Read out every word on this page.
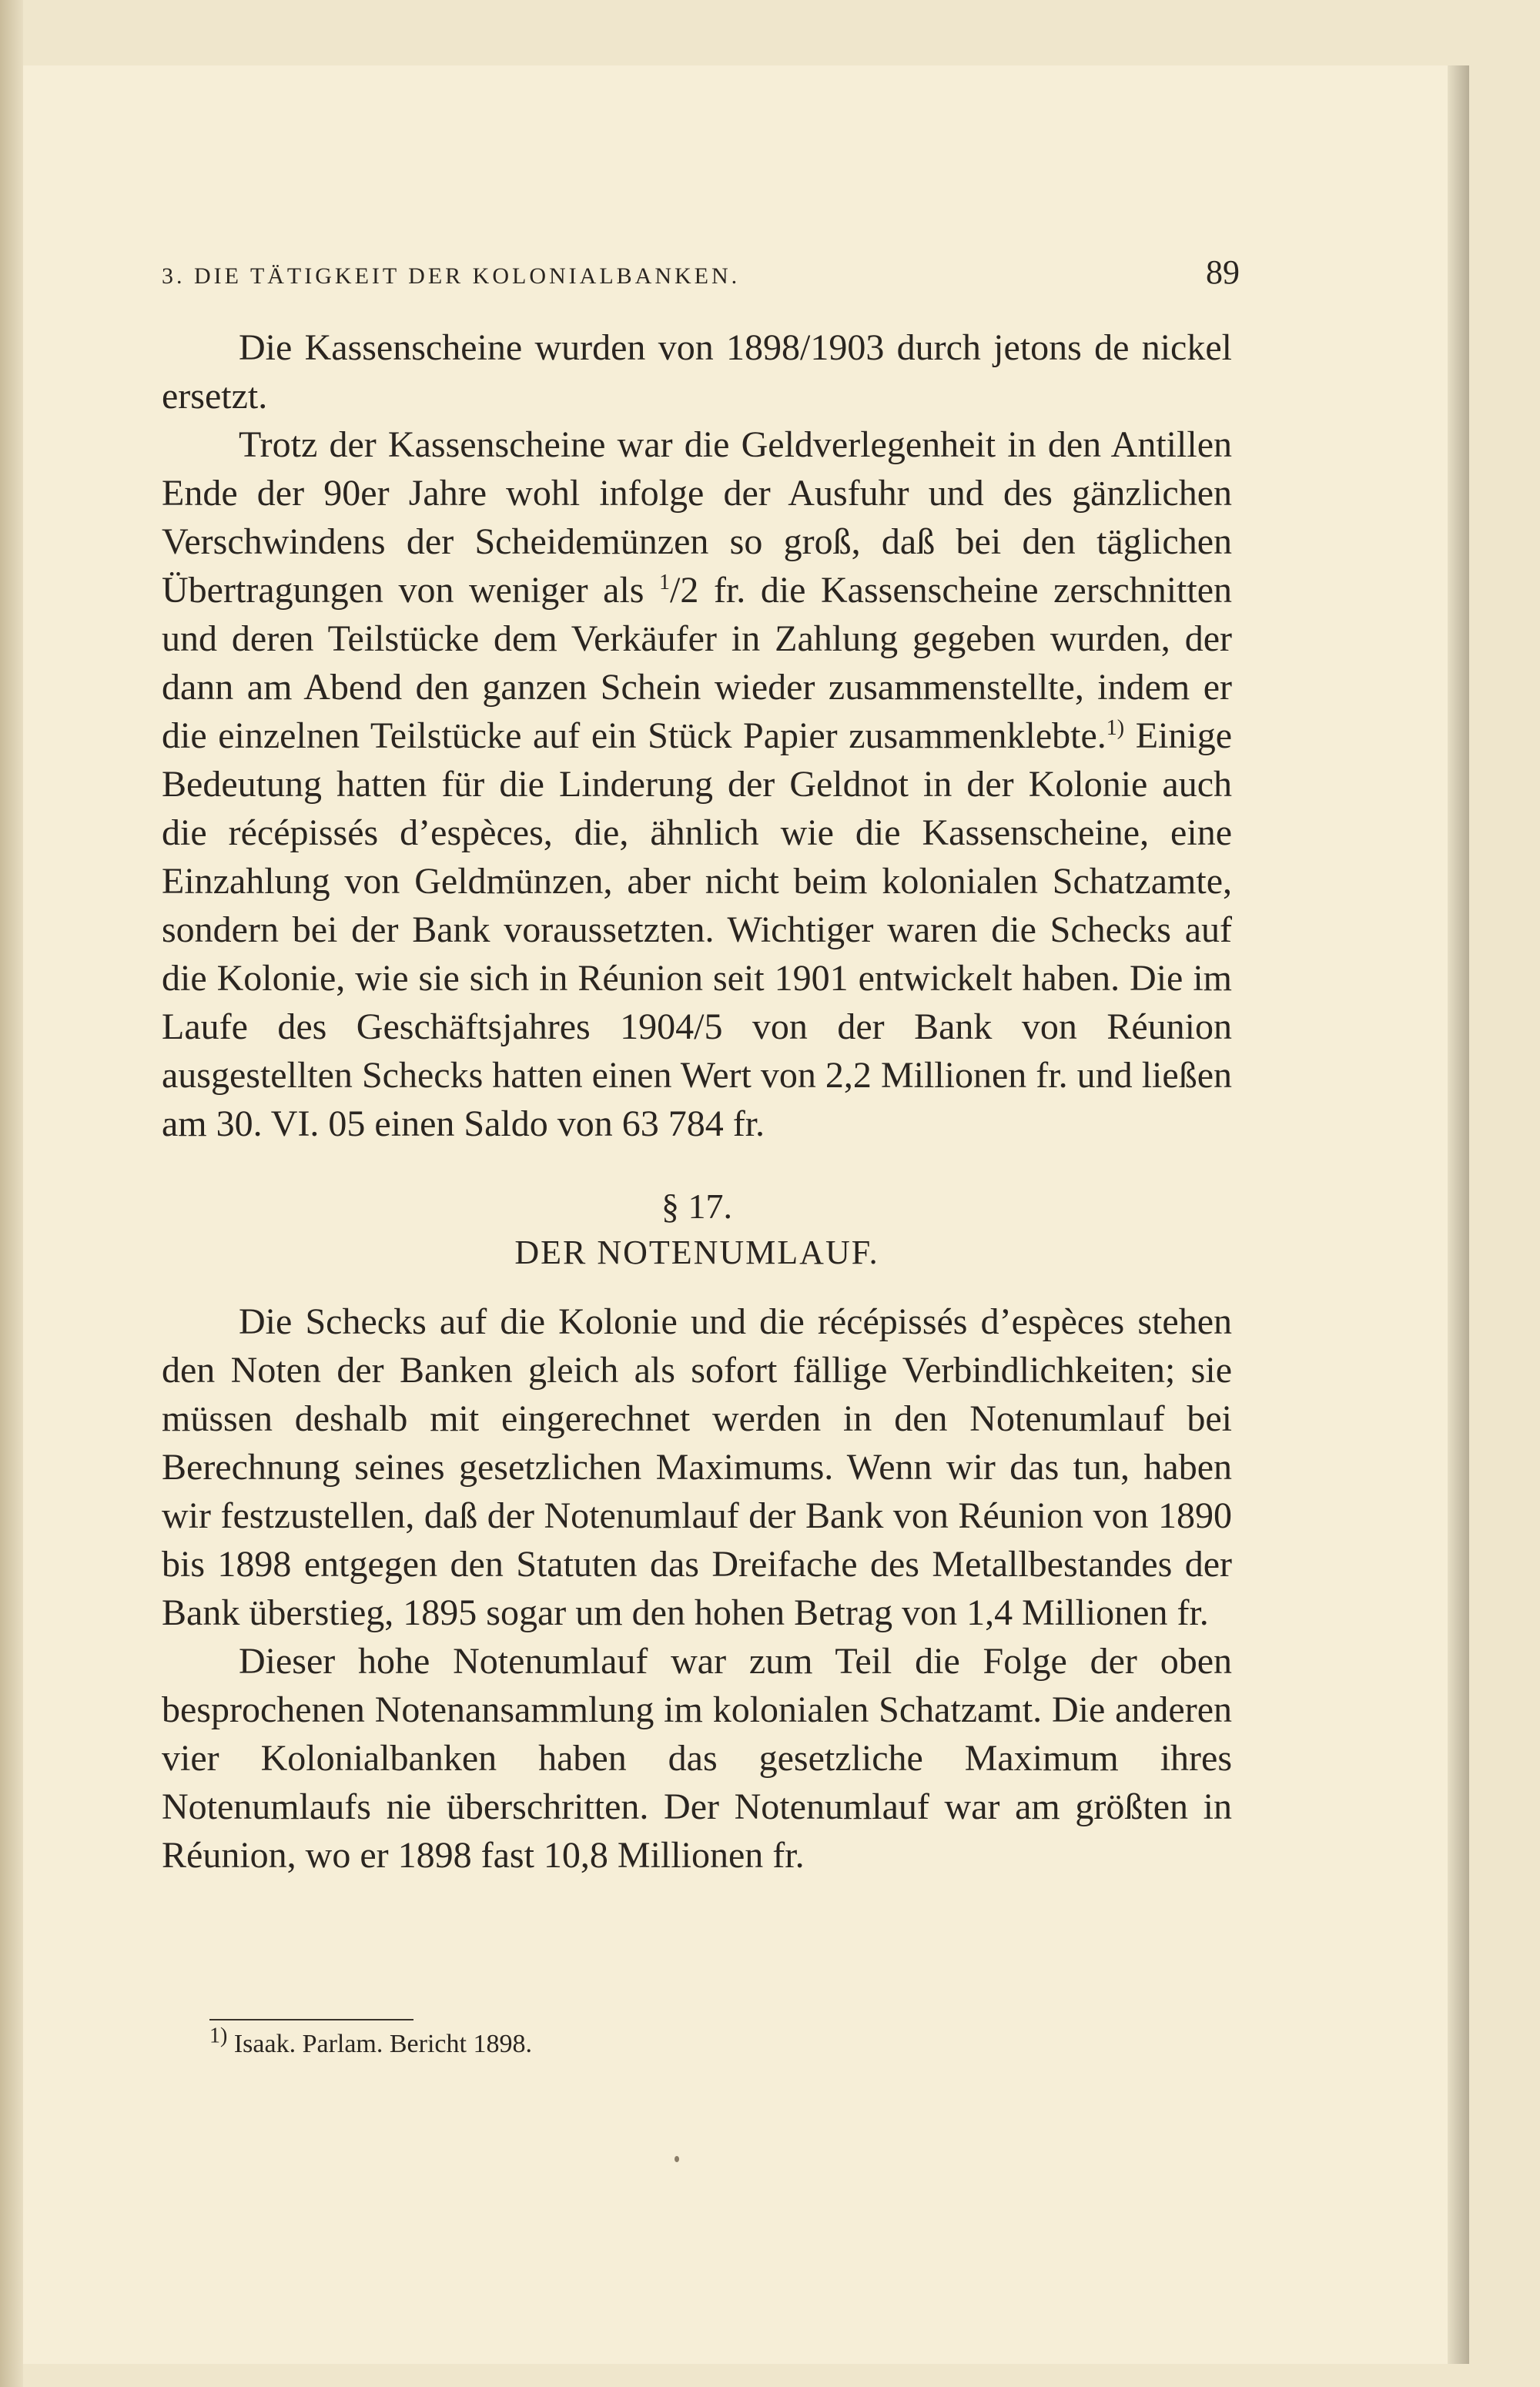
3. DIE TÄTIGKEIT DER KOLONIALBANKEN.	89

Die Kassenscheine wurden von 1898/1903 durch jetons de nickel ersetzt.

Trotz der Kassenscheine war die Geldverlegenheit in den Antillen Ende der 90er Jahre wohl infolge der Ausfuhr und des gänzlichen Verschwindens der Scheidemünzen so groß, daß bei den täglichen Übertragungen von weniger als $^1$/2 fr. die Kassenscheine zerschnitten und deren Teilstücke dem Verkäufer in Zahlung gegeben wurden, der dann am Abend den ganzen Schein wieder zusammenstellte, indem er die einzelnen Teilstücke auf ein Stück Papier zusammenklebte.$^{1)}$ Einige Bedeutung hatten für die Linderung der Geldnot in der Kolonie auch die récépissés d’espèces, die, ähnlich wie die Kassenscheine, eine Einzahlung von Geldmünzen, aber nicht beim kolonialen Schatzamte, sondern bei der Bank voraussetzten. Wichtiger waren die Schecks auf die Kolonie, wie sie sich in Réunion seit 1901 entwickelt haben. Die im Laufe des Geschäftsjahres 1904/5 von der Bank von Réunion ausgestellten Schecks hatten einen Wert von 2,2 Millionen fr. und ließen am 30. VI. 05 einen Saldo von 63 784 fr.

§ 17.
DER NOTENUMLAUF.

Die Schecks auf die Kolonie und die récépissés d’espèces stehen den Noten der Banken gleich als sofort fällige Verbindlichkeiten; sie müssen deshalb mit eingerechnet werden in den Notenumlauf bei Berechnung seines gesetzlichen Maximums. Wenn wir das tun, haben wir festzustellen, daß der Notenumlauf der Bank von Réunion von 1890 bis 1898 entgegen den Statuten das Dreifache des Metallbestandes der Bank überstieg, 1895 sogar um den hohen Betrag von 1,4 Millionen fr.

Dieser hohe Notenumlauf war zum Teil die Folge der oben besprochenen Notenansammlung im kolonialen Schatzamt. Die anderen vier Kolonialbanken haben das gesetzliche Maximum ihres Notenumlaufs nie überschritten. Der Notenumlauf war am größten in Réunion, wo er 1898 fast 10,8 Millionen fr.

$^{1)}$ Isaak. Parlam. Bericht 1898.
